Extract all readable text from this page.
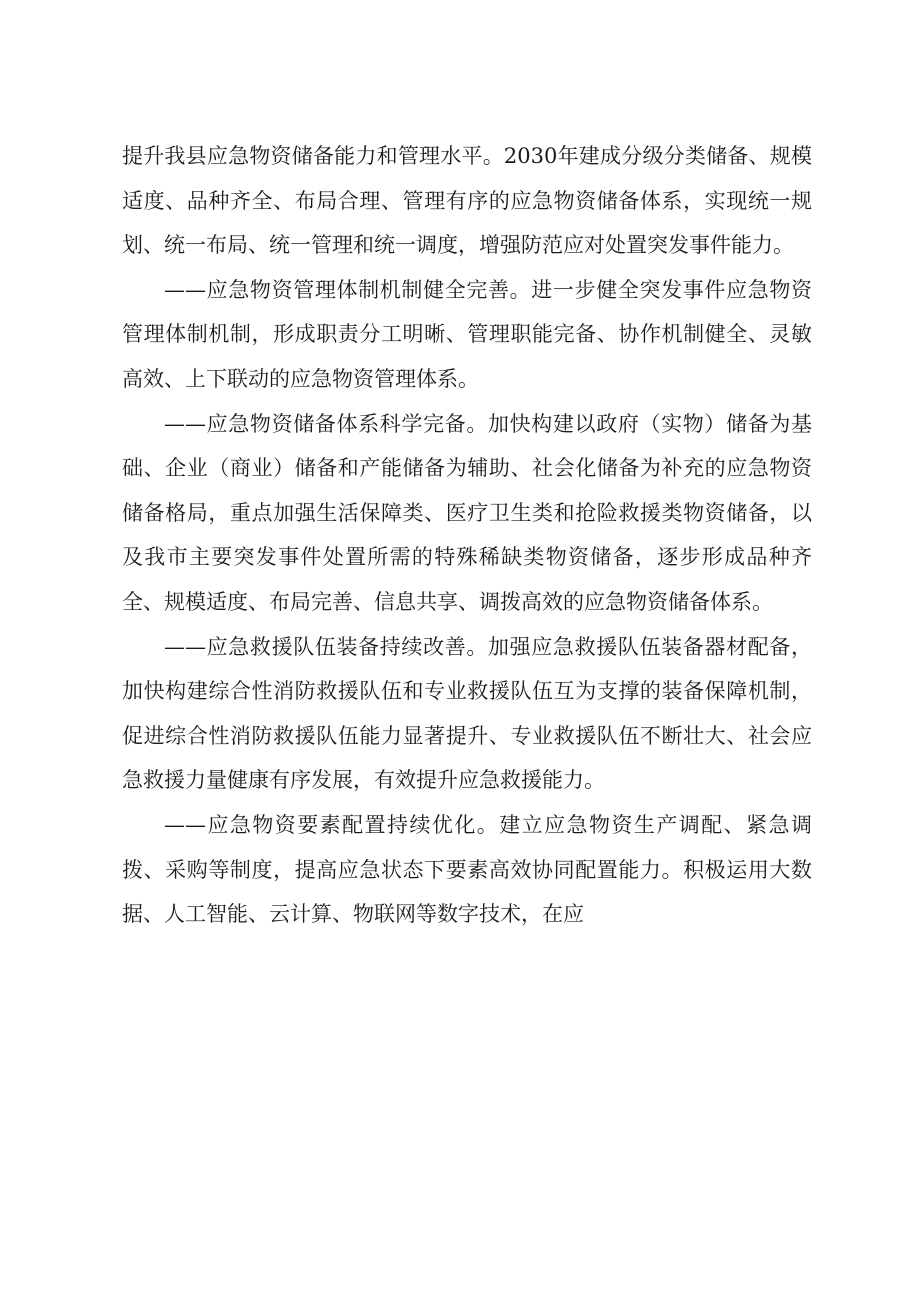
提升我县应急物资储备能力和管理水平。2030年建成分级分类储备、规模适度、品种齐全、布局合理、管理有序的应急物资储备体系，实现统一规划、统一布局、统一管理和统一调度，增强防范应对处置突发事件能力。

——应急物资管理体制机制健全完善。进一步健全突发事件应急物资管理体制机制，形成职责分工明晰、管理职能完备、协作机制健全、灵敏高效、上下联动的应急物资管理体系。

——应急物资储备体系科学完备。加快构建以政府（实物）储备为基础、企业（商业）储备和产能储备为辅助、社会化储备为补充的应急物资储备格局，重点加强生活保障类、医疗卫生类和抢险救援类物资储备，以及我市主要突发事件处置所需的特殊稀缺类物资储备，逐步形成品种齐全、规模适度、布局完善、信息共享、调拨高效的应急物资储备体系。

——应急救援队伍装备持续改善。加强应急救援队伍装备器材配备，加快构建综合性消防救援队伍和专业救援队伍互为支撑的装备保障机制，促进综合性消防救援队伍能力显著提升、专业救援队伍不断壮大、社会应急救援力量健康有序发展，有效提升应急救援能力。

——应急物资要素配置持续优化。建立应急物资生产调配、紧急调拨、采购等制度，提高应急状态下要素高效协同配置能力。积极运用大数据、人工智能、云计算、物联网等数字技术，在应
